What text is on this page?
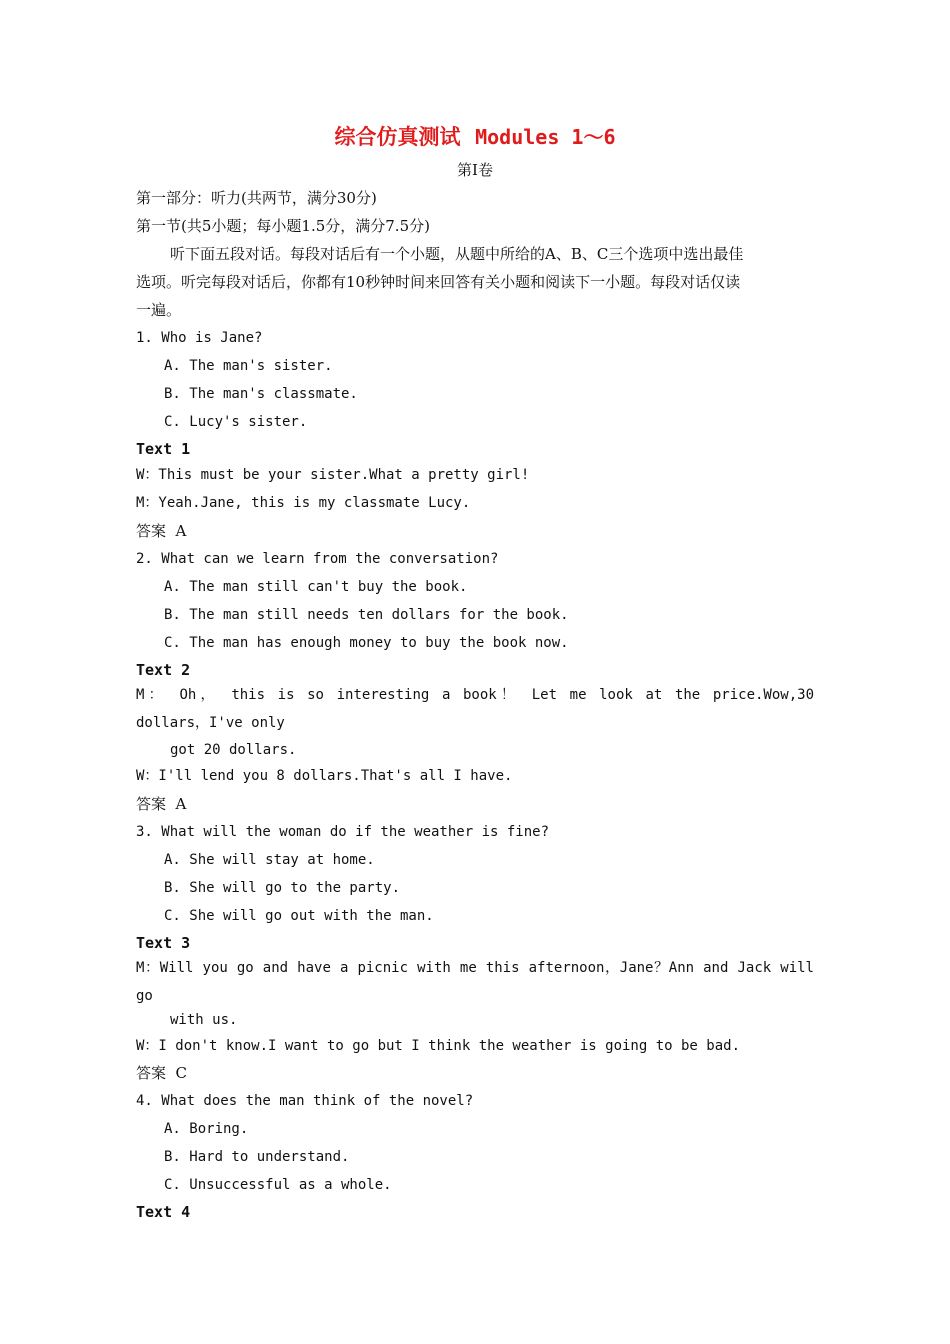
综合仿真测试 Modules 1～6

第Ⅰ卷

第一部分：听力(共两节，满分30分)

第一节(共5小题；每小题1.5分，满分7.5分)

听下面五段对话。每段对话后有一个小题，从题中所给的A、B、C三个选项中选出最佳

选项。听完每段对话后，你都有10秒钟时间来回答有关小题和阅读下一小题。每段对话仅读

一遍。

1. Who is Jane?

A. The man's sister.

B. The man's classmate.

C. Lucy's sister.

Text 1

W：This must be your sister.What a pretty girl!

M：Yeah.Jane, this is my classmate Lucy.

答案  A

2. What can we learn from the conversation?

A. The man still can't buy the book.

B. The man still needs ten dollars for the book.

C. The man has enough money to buy the book now.

Text 2

M： Oh， this is so interesting a book！ Let me look at the price.Wow,30

dollars，I've only

got 20 dollars.

W：I'll lend you 8 dollars.That's all I have.

答案  A

3. What will the woman do if the weather is fine?

A. She will stay at home.

B. She will go to the party.

C. She will go out with the man.

Text 3

M：Will you go and have a picnic with me this afternoon，Jane？Ann and Jack will

go

with us.

W：I don't know.I want to go but I think the weather is going to be bad.

答案  C

4. What does the man think of the novel?

A. Boring.

B. Hard to understand.

C. Unsuccessful as a whole.

Text 4
